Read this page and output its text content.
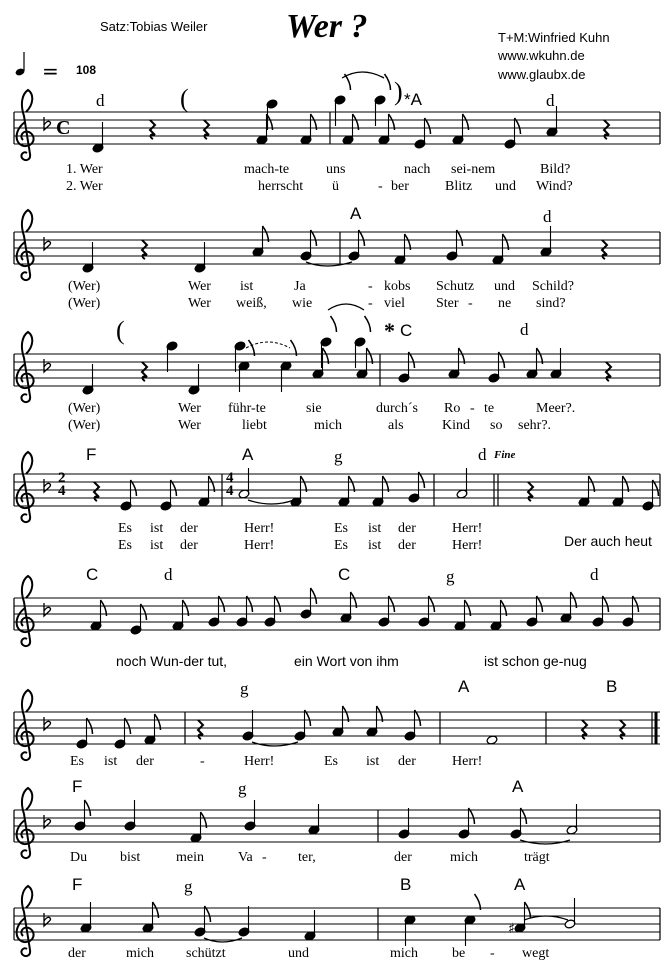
C
)
♯
Satz:Tobias Weiler Wer ?	T+M:Winfried Kuhn
www.wkuhn.de
www.glaubx.de
= 108
d	(	*A	d
1. Wer	mach-te	uns	nach sei-nem	Bild?
2. Wer	herrscht ü	- ber	Blitz und Wind?
A	d
(Wer)	Wer ist	Ja	- kobs Schutz und Schild?
(Wer)	Wer weiß, wie	- viel Ster - ne sind?
(	* C	d
(Wer)	Wer führ-te	sie	durch´s Ro - te	Meer?.
(Wer)	Wer	liebt	mich	als	Kind so sehr?.
F	A	g	d Fine
2
4
4
4
Es ist der	Herr!	Es ist der	Herr!
Es ist der	Herr!	Es ist der	Herr!	Der auch heut
C	d	C	g	d
noch Wun-der tut,	ein Wort von ihm	ist schon ge-nug
g	A	B
Es ist der	-	Herr!	Es ist der	Herr!
F	g	A
Du bist	mein Va - ter,	der	mich	trägt
F	g	B	A
der	mich schützt	und	mich be - wegt
